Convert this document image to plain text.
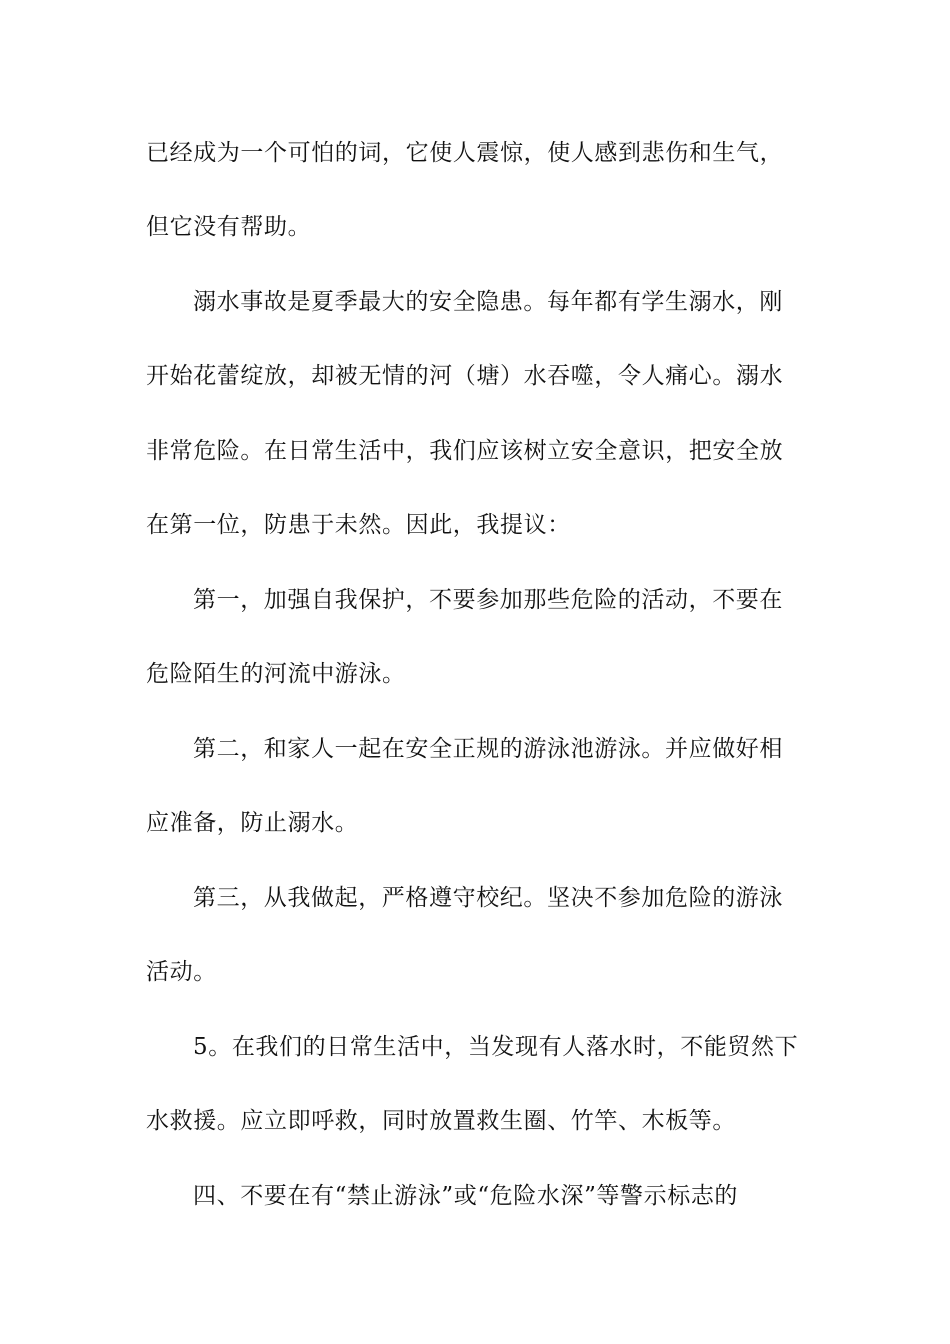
已经成为一个可怕的词，它使人震惊，使人感到悲伤和生气，
但它没有帮助。
溺水事故是夏季最大的安全隐患。每年都有学生溺水，刚
开始花蕾绽放，却被无情的河（塘）水吞噬，令人痛心。溺水
非常危险。在日常生活中，我们应该树立安全意识，把安全放
在第一位，防患于未然。因此，我提议：
第一，加强自我保护，不要参加那些危险的活动，不要在
危险陌生的河流中游泳。
第二，和家人一起在安全正规的游泳池游泳。并应做好相
应准备，防止溺水。
第三，从我做起，严格遵守校纪。坚决不参加危险的游泳
活动。
5。在我们的日常生活中，当发现有人落水时，不能贸然下
水救援。应立即呼救，同时放置救生圈、竹竿、木板等。
四、不要在有“禁止游泳”或“危险水深”等警示标志的
